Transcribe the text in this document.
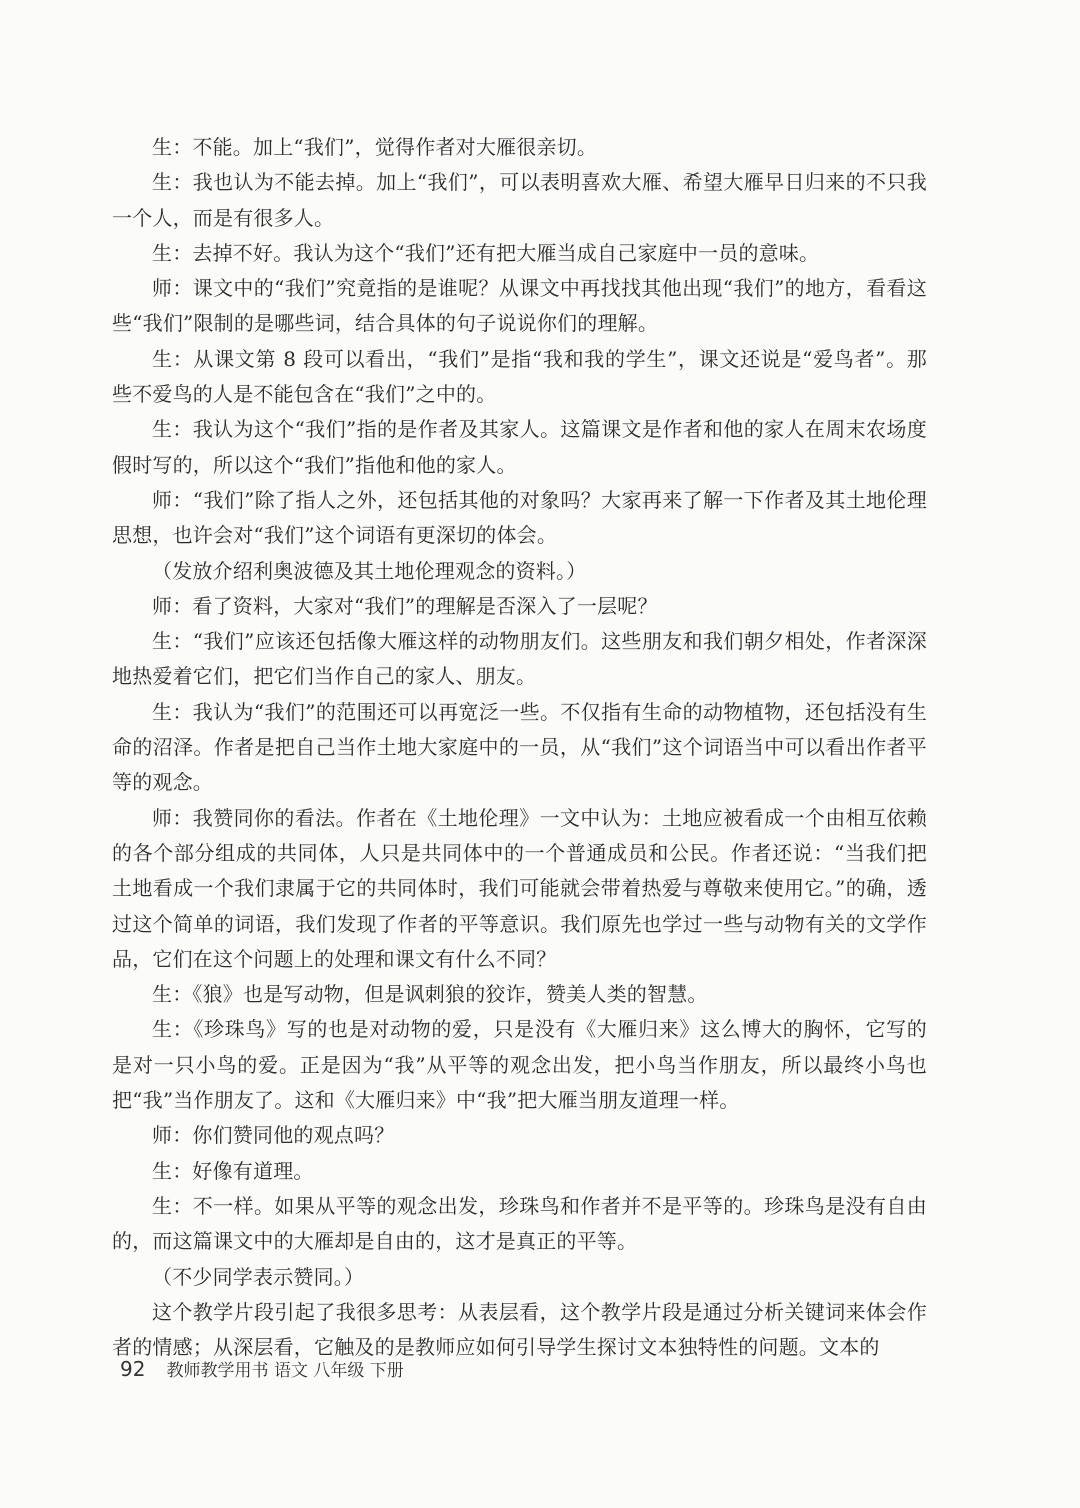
生：不能。加上“我们”，觉得作者对大雁很亲切。

生：我也认为不能去掉。加上“我们”，可以表明喜欢大雁、希望大雁早日归来的不只我一个人，而是有很多人。

生：去掉不好。我认为这个“我们”还有把大雁当成自己家庭中一员的意味。

师：课文中的“我们”究竟指的是谁呢？从课文中再找找其他出现“我们”的地方，看看这些“我们”限制的是哪些词，结合具体的句子说说你们的理解。

生：从课文第 8 段可以看出，“我们”是指“我和我的学生”，课文还说是“爱鸟者”。那些不爱鸟的人是不能包含在“我们”之中的。

生：我认为这个“我们”指的是作者及其家人。这篇课文是作者和他的家人在周末农场度假时写的，所以这个“我们”指他和他的家人。

师：“我们”除了指人之外，还包括其他的对象吗？大家再来了解一下作者及其土地伦理思想，也许会对“我们”这个词语有更深切的体会。

（发放介绍利奥波德及其土地伦理观念的资料。）

师：看了资料，大家对“我们”的理解是否深入了一层呢？

生：“我们”应该还包括像大雁这样的动物朋友们。这些朋友和我们朝夕相处，作者深深地热爱着它们，把它们当作自己的家人、朋友。

生：我认为“我们”的范围还可以再宽泛一些。不仅指有生命的动物植物，还包括没有生命的沼泽。作者是把自己当作土地大家庭中的一员，从“我们”这个词语当中可以看出作者平等的观念。

师：我赞同你的看法。作者在《土地伦理》一文中认为：土地应被看成一个由相互依赖的各个部分组成的共同体，人只是共同体中的一个普通成员和公民。作者还说：“当我们把土地看成一个我们隶属于它的共同体时，我们可能就会带着热爱与尊敬来使用它。”的确，透过这个简单的词语，我们发现了作者的平等意识。我们原先也学过一些与动物有关的文学作品，它们在这个问题上的处理和课文有什么不同？

生：《狼》也是写动物，但是讽刺狼的狡诈，赞美人类的智慧。

生：《珍珠鸟》写的也是对动物的爱，只是没有《大雁归来》这么博大的胸怀，它写的是对一只小鸟的爱。正是因为“我”从平等的观念出发，把小鸟当作朋友，所以最终小鸟也把“我”当作朋友了。这和《大雁归来》中“我”把大雁当朋友道理一样。

师：你们赞同他的观点吗？

生：好像有道理。

生：不一样。如果从平等的观念出发，珍珠鸟和作者并不是平等的。珍珠鸟是没有自由的，而这篇课文中的大雁却是自由的，这才是真正的平等。

（不少同学表示赞同。）

这个教学片段引起了我很多思考：从表层看，这个教学片段是通过分析关键词来体会作者的情感；从深层看，它触及的是教师应如何引导学生探讨文本独特性的问题。文本的

92 教师教学用书 语文 八年级 下册
